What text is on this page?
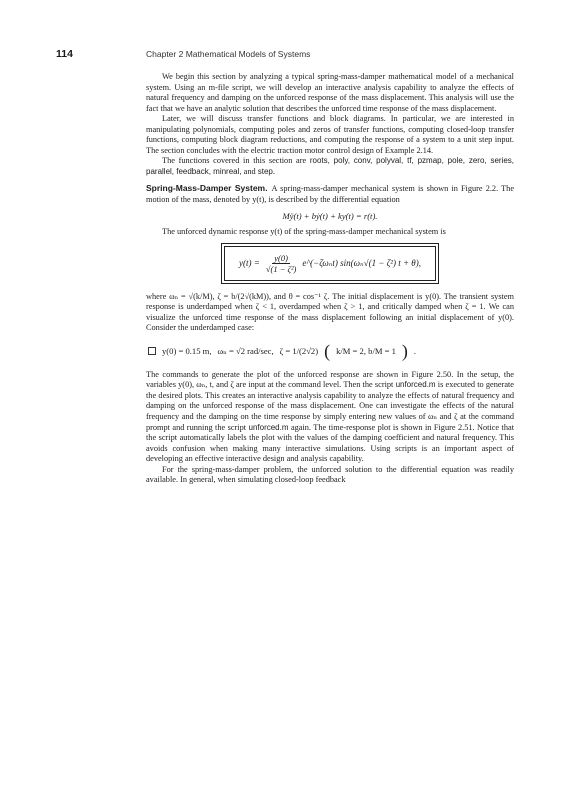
114	Chapter 2 Mathematical Models of Systems

We begin this section by analyzing a typical spring-mass-damper mathematical model of a mechanical system. Using an m-file script, we will develop an interactive analysis capability to analyze the effects of natural frequency and damping on the unforced response of the mass displacement. This analysis will use the fact that we have an analytic solution that describes the unforced time response of the mass displacement.

Later, we will discuss transfer functions and block diagrams. In particular, we are interested in manipulating polynomials, computing poles and zeros of transfer functions, computing closed-loop transfer functions, computing block diagram reductions, and computing the response of a system to a unit step input. The section concludes with the electric traction motor control design of Example 2.14.

The functions covered in this section are roots, poly, conv, polyval, tf, pzmap, pole, zero, series, parallel, feedback, minreal, and step.

Spring-Mass-Damper System. A spring-mass-damper mechanical system is shown in Figure 2.2. The motion of the mass, denoted by y(t), is described by the differential equation

Mÿ(t) + bẏ(t) + ky(t) = r(t).

The unforced dynamic response y(t) of the spring-mass-damper mechanical system is

$y(t) = \frac{y(0)}{\text{√(1 − ζ²)}}$ e^(−ζωₙt) sin(ωₙ√(1 − ζ²) t + θ),

where ωₙ = √(k/M), ζ = b/(2√(kM)), and θ = cos⁻¹ ζ. The initial displacement is y(0). The transient system response is underdamped when ζ < 1, overdamped when ζ > 1, and critically damped when ζ = 1. We can visualize the unforced time response of the mass displacement following an initial displacement of y(0). Consider the underdamped case:

y(0) = 0.15 m, ωₙ = √2 rad/sec, ζ = 1/(2√2) ( k/M = 2, b/M = 1 ) .

The commands to generate the plot of the unforced response are shown in Figure 2.50. In the setup, the variables y(0), ωₙ, t, and ζ are input at the command level. Then the script unforced.m is executed to generate the desired plots. This creates an interactive analysis capability to analyze the effects of natural frequency and damping on the unforced response of the mass displacement. One can investigate the effects of the natural frequency and the damping on the time response by simply entering new values of ωₙ and ζ at the command prompt and running the script unforced.m again. The time-response plot is shown in Figure 2.51. Notice that the script automatically labels the plot with the values of the damping coefficient and natural frequency. This avoids confusion when making many interactive simulations. Using scripts is an important aspect of developing an effective interactive design and analysis capability.

For the spring-mass-damper problem, the unforced solution to the differential equation was readily available. In general, when simulating closed-loop feedback
